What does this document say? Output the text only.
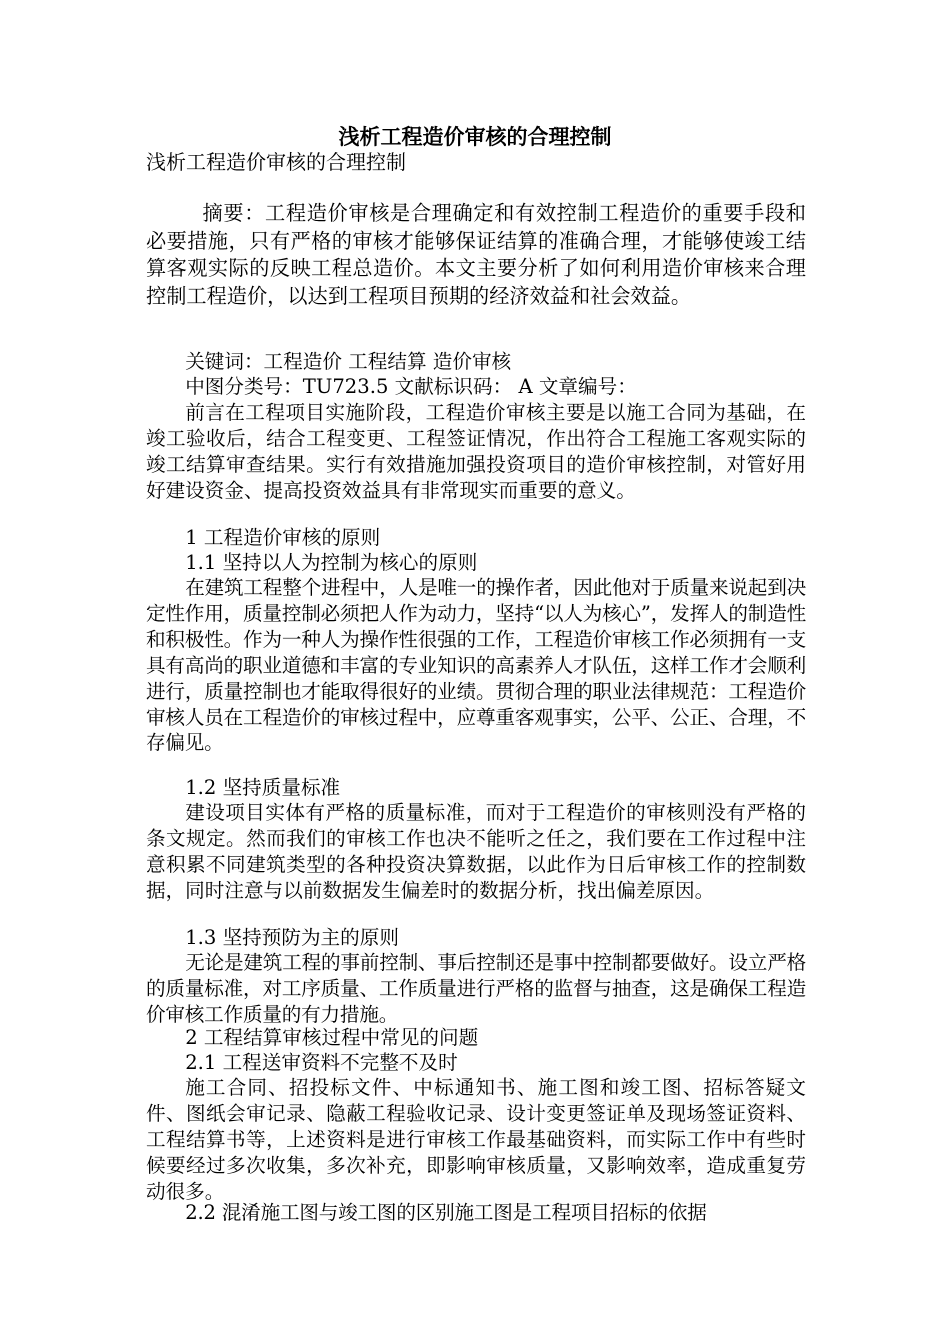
浅析工程造价审核的合理控制
浅析工程造价审核的合理控制

摘要：工程造价审核是合理确定和有效控制工程造价的重要手段和必要措施，只有严格的审核才能够保证结算的准确合理，才能够使竣工结算客观实际的反映工程总造价。本文主要分析了如何利用造价审核来合理控制工程造价，以达到工程项目预期的经济效益和社会效益。

关键词：工程造价 工程结算 造价审核

中图分类号：TU723.5 文献标识码： A 文章编号：

前言在工程项目实施阶段，工程造价审核主要是以施工合同为基础，在竣工验收后，结合工程变更、工程签证情况，作出符合工程施工客观实际的竣工结算审查结果。实行有效措施加强投资项目的造价审核控制，对管好用好建设资金、提高投资效益具有非常现实而重要的意义。

1 工程造价审核的原则

1.1 坚持以人为控制为核心的原则

在建筑工程整个进程中，人是唯一的操作者，因此他对于质量来说起到决定性作用，质量控制必须把人作为动力，坚持“以人为核心”，发挥人的制造性和积极性。作为一种人为操作性很强的工作，工程造价审核工作必须拥有一支具有高尚的职业道德和丰富的专业知识的高素养人才队伍，这样工作才会顺利进行，质量控制也才能取得很好的业绩。贯彻合理的职业法律规范：工程造价审核人员在工程造价的审核过程中，应尊重客观事实，公平、公正、合理，不存偏见。

1.2 坚持质量标准

建设项目实体有严格的质量标准，而对于工程造价的审核则没有严格的条文规定。然而我们的审核工作也决不能听之任之，我们要在工作过程中注意积累不同建筑类型的各种投资决算数据，以此作为日后审核工作的控制数据，同时注意与以前数据发生偏差时的数据分析，找出偏差原因。

1.3 坚持预防为主的原则

无论是建筑工程的事前控制、事后控制还是事中控制都要做好。设立严格的质量标准，对工序质量、工作质量进行严格的监督与抽查，这是确保工程造价审核工作质量的有力措施。

2 工程结算审核过程中常见的问题

2.1 工程送审资料不完整不及时

施工合同、招投标文件、中标通知书、施工图和竣工图、招标答疑文件、图纸会审记录、隐蔽工程验收记录、设计变更签证单及现场签证资料、工程结算书等，上述资料是进行审核工作最基础资料，而实际工作中有些时候要经过多次收集，多次补充，即影响审核质量，又影响效率，造成重复劳动很多。

2.2 混淆施工图与竣工图的区别施工图是工程项目招标的依据
